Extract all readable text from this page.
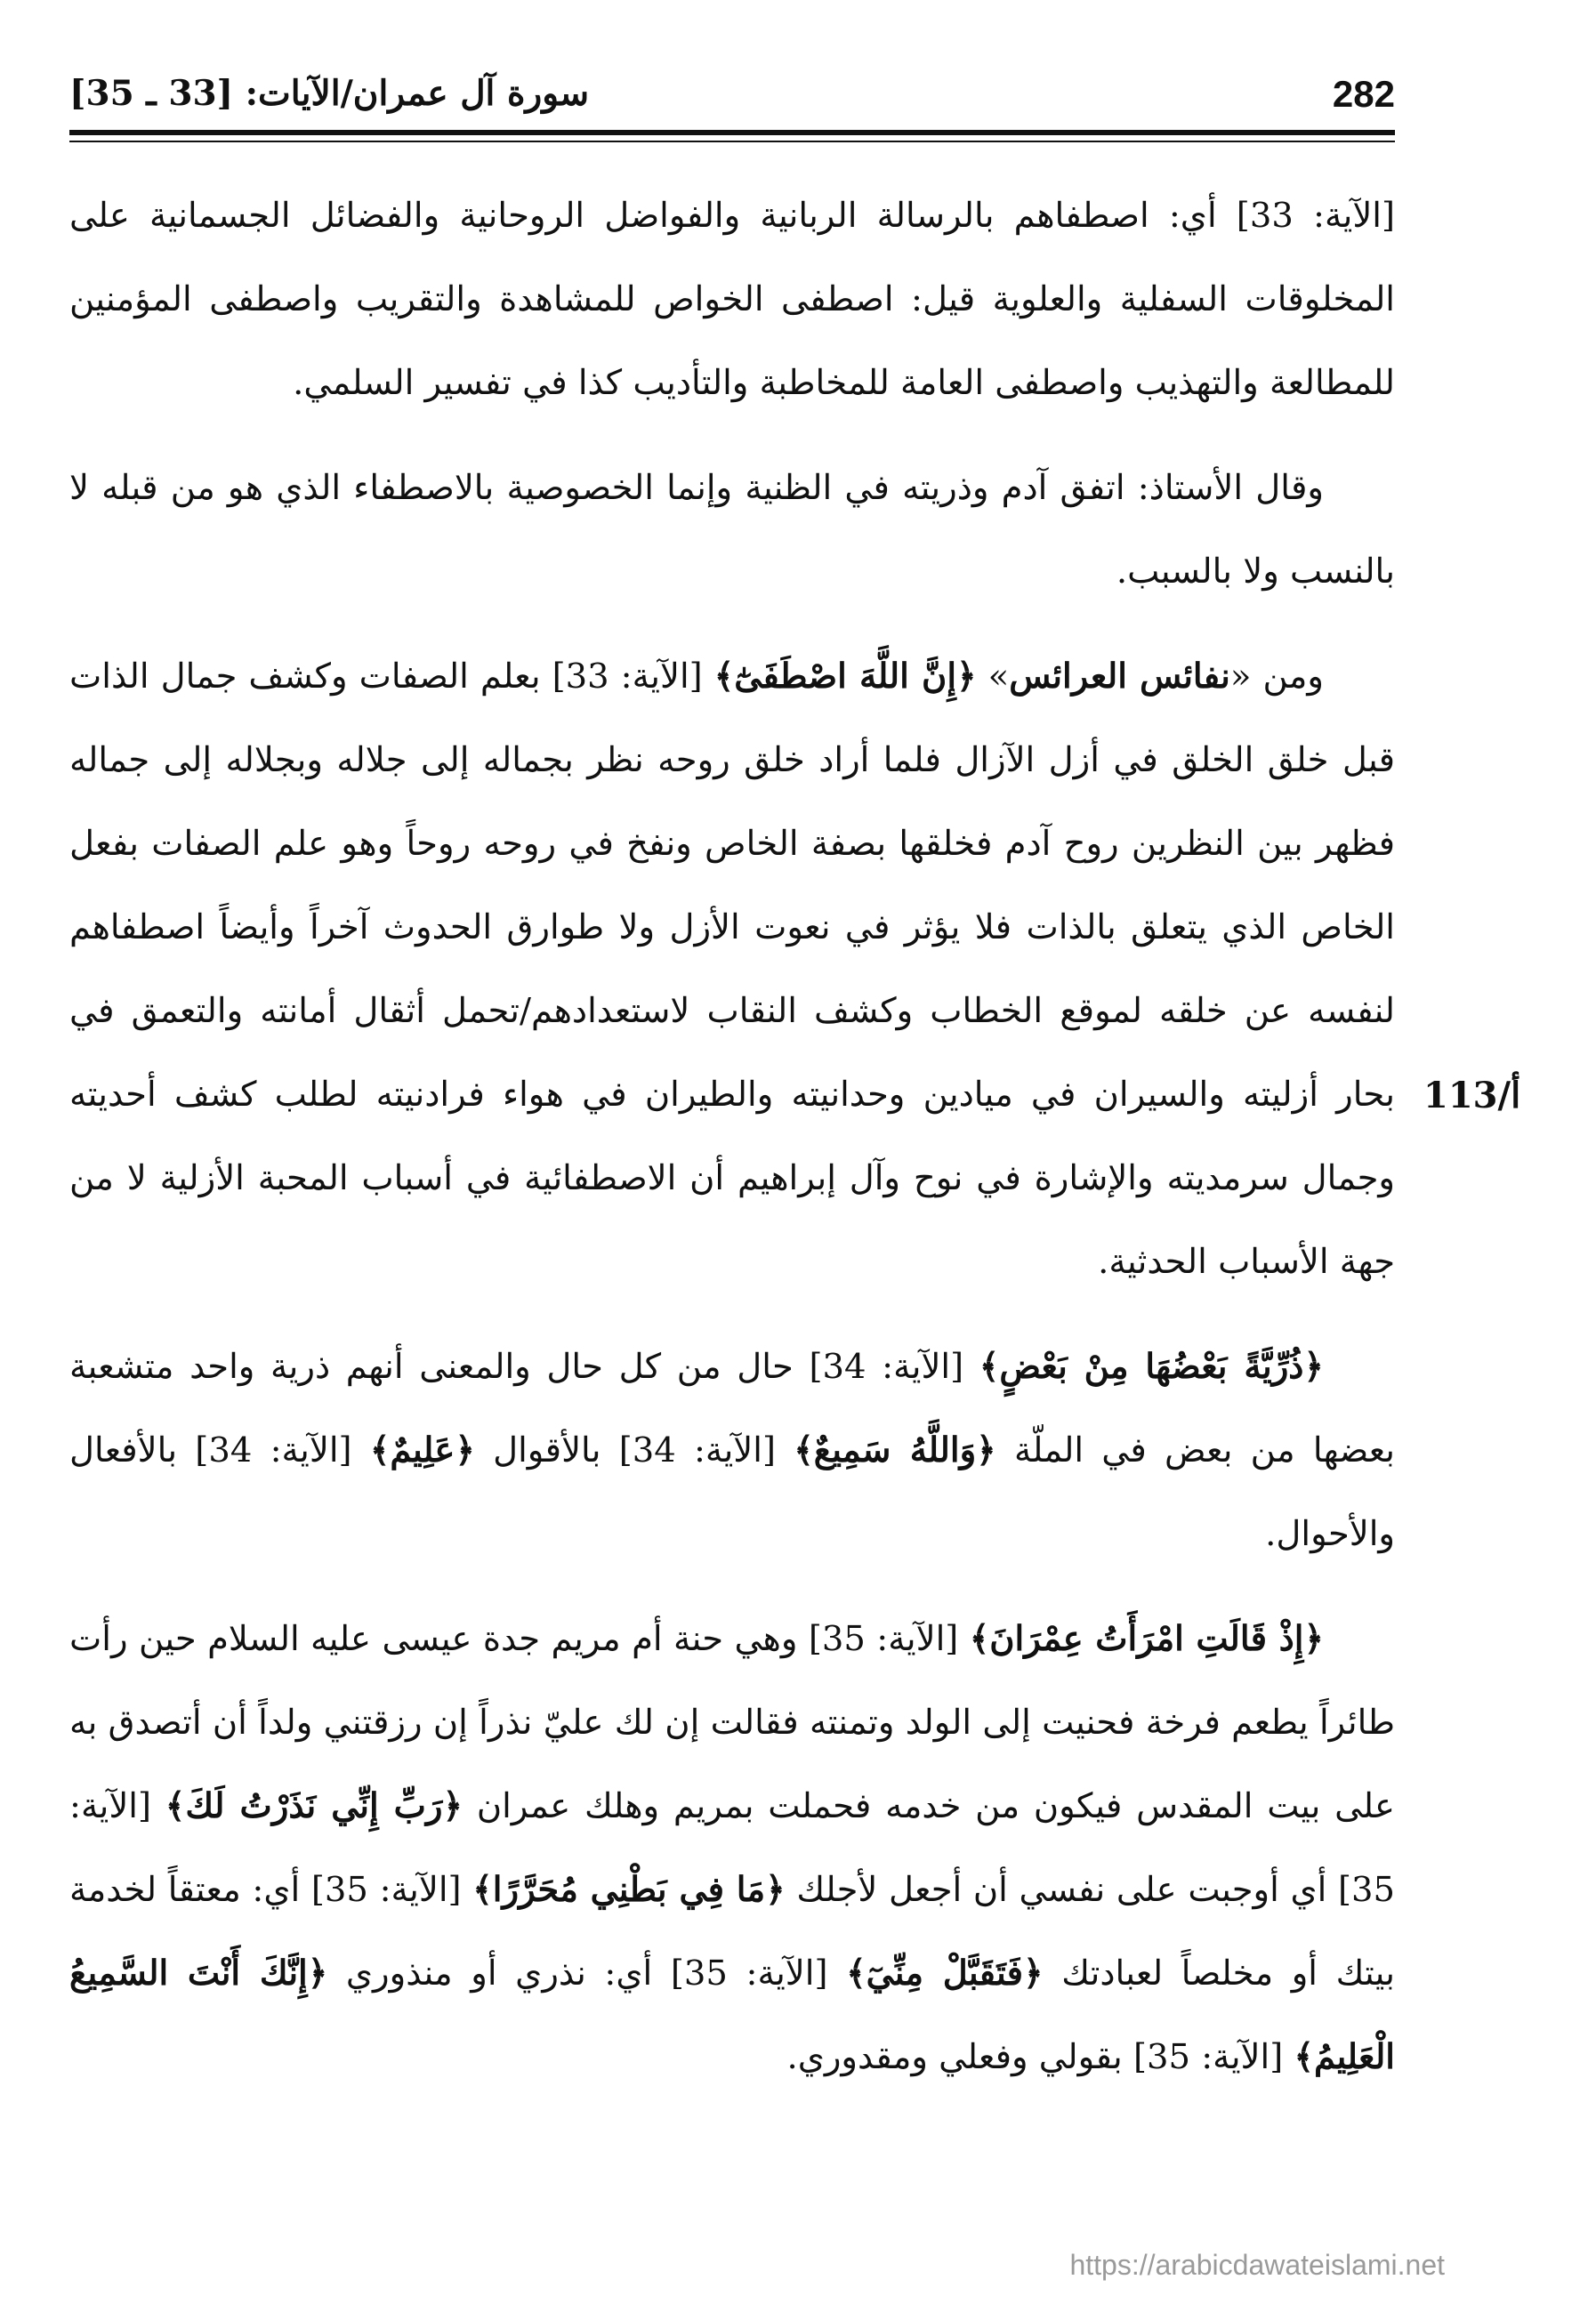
282
سورة آل عمران/الآيات: [33 ـ 35]
113/أ

[الآية: 33] أي: اصطفاهم بالرسالة الربانية والفواضل الروحانية والفضائل الجسمانية على المخلوقات السفلية والعلوية قيل: اصطفى الخواص للمشاهدة والتقريب واصطفى المؤمنين للمطالعة والتهذيب واصطفى العامة للمخاطبة والتأديب كذا في تفسير السلمي.

وقال الأستاذ: اتفق آدم وذريته في الظنية وإنما الخصوصية بالاصطفاء الذي هو من قبله لا بالنسب ولا بالسبب.

ومن «نفائس العرائس» ﴿إِنَّ اللَّهَ اصْطَفَىٰٓ﴾ [الآية: 33] بعلم الصفات وكشف جمال الذات قبل خلق الخلق في أزل الآزال فلما أراد خلق روحه نظر بجماله إلى جلاله وبجلاله إلى جماله فظهر بين النظرين روح آدم فخلقها بصفة الخاص ونفخ في روحه روحاً وهو علم الصفات بفعل الخاص الذي يتعلق بالذات فلا يؤثر في نعوت الأزل ولا طوارق الحدوث آخراً وأيضاً اصطفاهم لنفسه عن خلقه لموقع الخطاب وكشف النقاب لاستعدادهم/تحمل أثقال أمانته والتعمق في بحار أزليته والسيران في ميادين وحدانيته والطيران في هواء فرادنيته لطلب كشف أحديته وجمال سرمديته والإشارة في نوح وآل إبراهيم أن الاصطفائية في أسباب المحبة الأزلية لا من جهة الأسباب الحدثية.

﴿ذُرِّيَّةً بَعْضُهَا مِنْ بَعْضٍ﴾ [الآية: 34] حال من كل حال والمعنى أنهم ذرية واحد متشعبة بعضها من بعض في الملّة ﴿وَاللَّهُ سَمِيعٌ﴾ [الآية: 34] بالأقوال ﴿عَلِيمٌ﴾ [الآية: 34] بالأفعال والأحوال.

﴿إِذْ قَالَتِ امْرَأَتُ عِمْرَانَ﴾ [الآية: 35] وهي حنة أم مريم جدة عيسى عليه السلام حين رأت طائراً يطعم فرخة فحنيت إلى الولد وتمنته فقالت إن لك عليّ نذراً إن رزقتني ولداً أن أتصدق به على بيت المقدس فيكون من خدمه فحملت بمريم وهلك عمران ﴿رَبِّ إِنِّي نَذَرْتُ لَكَ﴾ [الآية: 35] أي أوجبت على نفسي أن أجعل لأجلك ﴿مَا فِي بَطْنِي مُحَرَّرًا﴾ [الآية: 35] أي: معتقاً لخدمة بيتك أو مخلصاً لعبادتك ﴿فَتَقَبَّلْ مِنِّيٓ﴾ [الآية: 35] أي: نذري أو منذوري ﴿إِنَّكَ أَنْتَ السَّمِيعُ الْعَلِيمُ﴾ [الآية: 35] بقولي وفعلي ومقدوري.

https://arabicdawateislami.net
